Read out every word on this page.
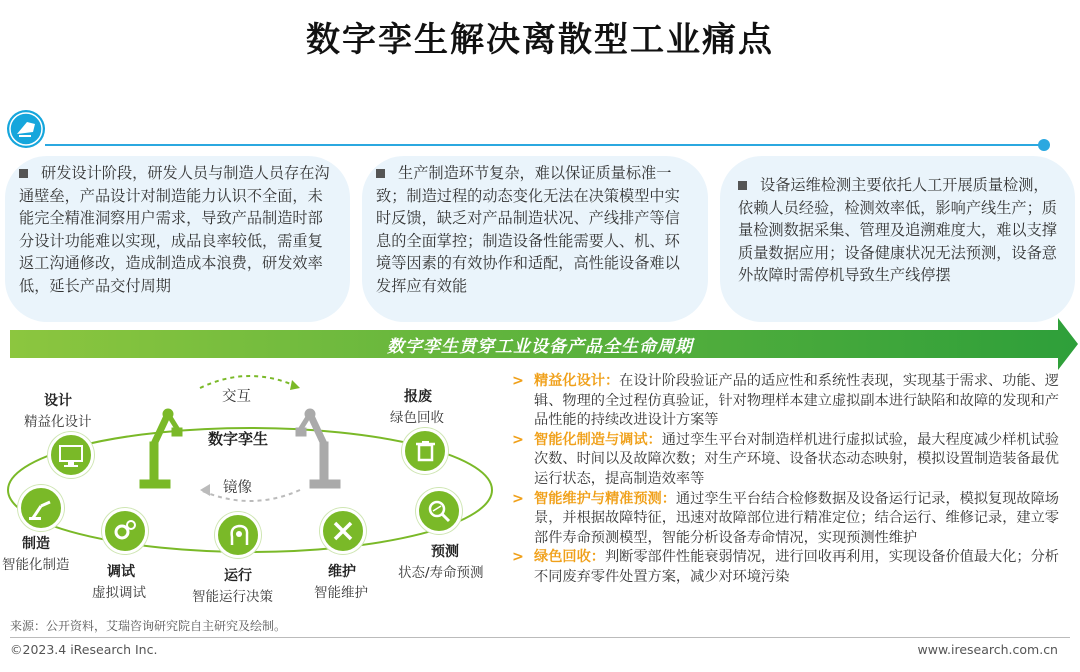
数字孪生解决离散型工业痛点
研发设计阶段，研发人员与制造人员存在沟通壁垒，产品设计对制造能力认识不全面，未能完全精准洞察用户需求，导致产品制造时部分设计功能难以实现，成品良率较低，需重复返工沟通修改，造成制造成本浪费，研发效率低，延长产品交付周期
生产制造环节复杂，难以保证质量标准一致；制造过程的动态变化无法在决策模型中实时反馈，缺乏对产品制造状况、产线排产等信息的全面掌控；制造设备性能需要人、机、环境等因素的有效协作和适配，高性能设备难以发挥应有效能
设备运维检测主要依托人工开展质量检测，依赖人员经验，检测效率低，影响产线生产；质量检测数据采集、管理及追溯难度大，难以支撑质量数据应用；设备健康状况无法预测，设备意外故障时需停机导致生产线停摆
数字孪生贯穿工业设备产品全生命周期
交互
数字孪生
镜像
设计
精益化设计
制造
智能化制造	调试
虚拟调试
运行
智能运行决策
维护
智能维护
预测
状态/寿命预测
报废
绿色回收
> 精益化设计：在设计阶段验证产品的适应性和系统性表现，实现基于需求、功能、逻辑、物理的全过程仿真验证，针对物理样本建立虚拟副本进行缺陷和故障的发现和产品性能的持续改进设计方案等
> 智能化制造与调试：通过孪生平台对制造样机进行虚拟试验，最大程度减少样机试验次数、时间以及故障次数；对生产环境、设备状态动态映射，模拟设置制造装备最优运行状态，提高制造效率等
> 智能维护与精准预测：通过孪生平台结合检修数据及设备运行记录，模拟复现故障场景，并根据故障特征，迅速对故障部位进行精准定位；结合运行、维修记录，建立零部件寿命预测模型，智能分析设备寿命情况，实现预测性维护
> 绿色回收：判断零部件性能衰弱情况，进行回收再利用，实现设备价值最大化；分析不同废弃零件处置方案，减少对环境污染
来源：公开资料，艾瑞咨询研究院自主研究及绘制。
©2023.4 iResearch Inc.	www.iresearch.com.cn
